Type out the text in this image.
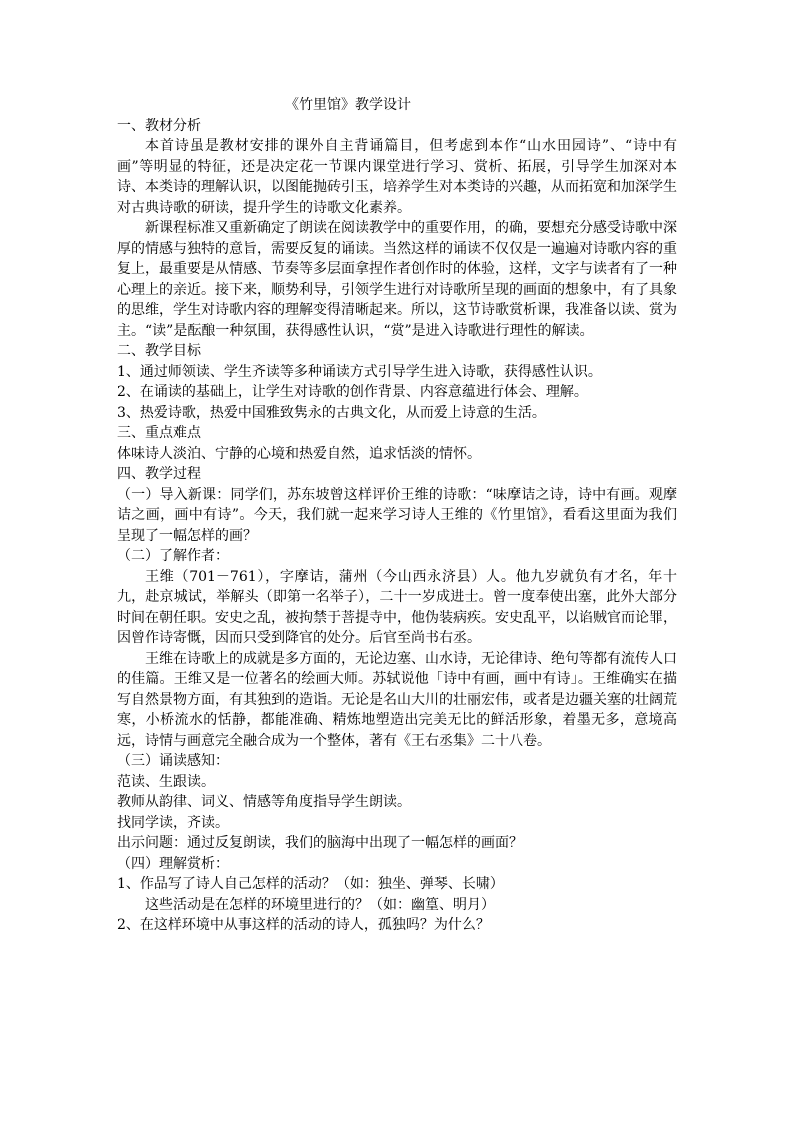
《竹里馆》教学设计

一、教材分析

本首诗虽是教材安排的课外自主背诵篇目，但考虑到本作“山水田园诗”、“诗中有画”等明显的特征，还是决定花一节课内课堂进行学习、赏析、拓展，引导学生加深对本诗、本类诗的理解认识，以图能抛砖引玉，培养学生对本类诗的兴趣，从而拓宽和加深学生对古典诗歌的研读，提升学生的诗歌文化素养。

新课程标准又重新确定了朗读在阅读教学中的重要作用，的确，要想充分感受诗歌中深厚的情感与独特的意旨，需要反复的诵读。当然这样的诵读不仅仅是一遍遍对诗歌内容的重复上，最重要是从情感、节奏等多层面拿捏作者创作时的体验，这样，文字与读者有了一种心理上的亲近。接下来，顺势利导，引领学生进行对诗歌所呈现的画面的想象中，有了具象的思维，学生对诗歌内容的理解变得清晰起来。所以，这节诗歌赏析课，我准备以读、赏为主。“读”是酝酿一种氛围，获得感性认识，“赏”是进入诗歌进行理性的解读。

二、教学目标

1、通过师领读、学生齐读等多种诵读方式引导学生进入诗歌，获得感性认识。

2、在诵读的基础上，让学生对诗歌的创作背景、内容意蕴进行体会、理解。

3、热爱诗歌，热爱中国雅致隽永的古典文化，从而爱上诗意的生活。

三、重点难点

体味诗人淡泊、宁静的心境和热爱自然，追求恬淡的情怀。

四、教学过程

（一）导入新课：同学们，苏东坡曾这样评价王维的诗歌：“味摩诘之诗，诗中有画。观摩诘之画，画中有诗”。今天，我们就一起来学习诗人王维的《竹里馆》，看看这里面为我们呈现了一幅怎样的画？

（二）了解作者：

王维（701－761），字摩诘，蒲州（今山西永济县）人。他九岁就负有才名，年十九，赴京城试，举解头（即第一名举子），二十一岁成进士。曾一度奉使出塞，此外大部分时间在朝任职。安史之乱，被拘禁于菩提寺中，他伪装病疾。安史乱平，以谄贼官而论罪，因曾作诗寄慨，因而只受到降官的处分。后官至尚书右丞。

王维在诗歌上的成就是多方面的，无论边塞、山水诗，无论律诗、绝句等都有流传人口的佳篇。王维又是一位著名的绘画大师。苏轼说他「诗中有画，画中有诗」。王维确实在描写自然景物方面，有其独到的造诣。无论是名山大川的壮丽宏伟，或者是边疆关塞的壮阔荒寒，小桥流水的恬静，都能准确、精炼地塑造出完美无比的鲜活形象，着墨无多，意境高远，诗情与画意完全融合成为一个整体，著有《王右丞集》二十八卷。

（三）诵读感知：

范读、生跟读。

教师从韵律、词义、情感等角度指导学生朗读。

找同学读，齐读。

出示问题：通过反复朗读，我们的脑海中出现了一幅怎样的画面？

（四）理解赏析：

1、作品写了诗人自己怎样的活动？（如：独坐、弹琴、长啸）

这些活动是在怎样的环境里进行的？（如：幽篁、明月）

2、在这样环境中从事这样的活动的诗人，孤独吗？为什么？
